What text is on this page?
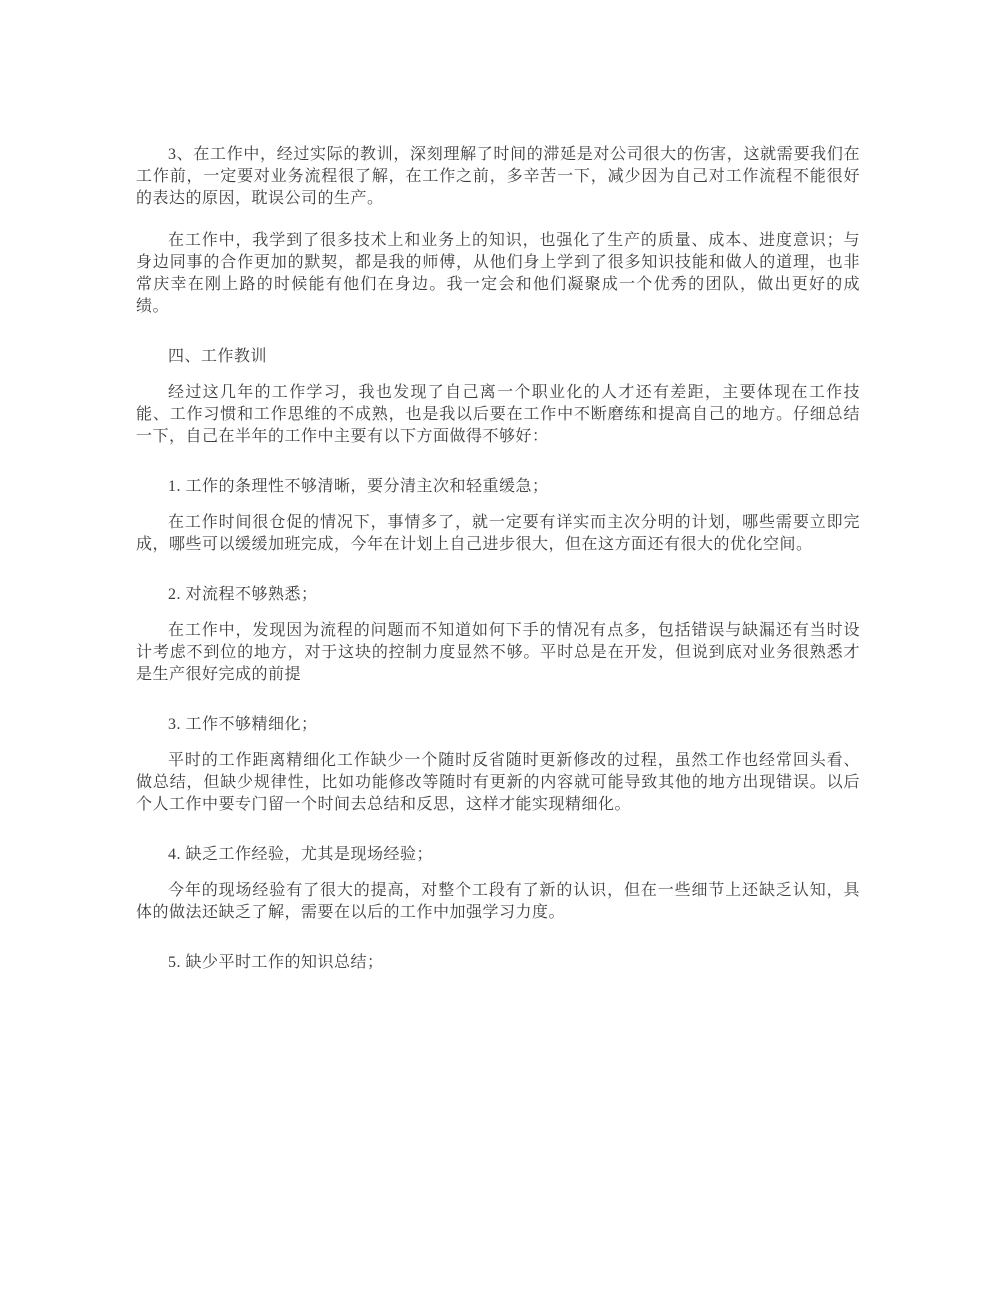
3、在工作中，经过实际的教训，深刻理解了时间的滞延是对公司很大的伤害，这就需要我们在工作前，一定要对业务流程很了解，在工作之前，多辛苦一下，减少因为自己对工作流程不能很好的表达的原因，耽误公司的生产。
在工作中，我学到了很多技术上和业务上的知识，也强化了生产的质量、成本、进度意识；与身边同事的合作更加的默契，都是我的师傅，从他们身上学到了很多知识技能和做人的道理，也非常庆幸在刚上路的时候能有他们在身边。我一定会和他们凝聚成一个优秀的团队，做出更好的成绩。
四、工作教训
经过这几年的工作学习，我也发现了自己离一个职业化的人才还有差距，主要体现在工作技能、工作习惯和工作思维的不成熟，也是我以后要在工作中不断磨练和提高自己的地方。仔细总结一下，自己在半年的工作中主要有以下方面做得不够好：
1. 工作的条理性不够清晰，要分清主次和轻重缓急；
在工作时间很仓促的情况下，事情多了，就一定要有详实而主次分明的计划，哪些需要立即完成，哪些可以缓缓加班完成，今年在计划上自己进步很大，但在这方面还有很大的优化空间。
2. 对流程不够熟悉；
在工作中，发现因为流程的问题而不知道如何下手的情况有点多，包括错误与缺漏还有当时设计考虑不到位的地方，对于这块的控制力度显然不够。平时总是在开发，但说到底对业务很熟悉才是生产很好完成的前提
3. 工作不够精细化；
平时的工作距离精细化工作缺少一个随时反省随时更新修改的过程，虽然工作也经常回头看、做总结，但缺少规律性，比如功能修改等随时有更新的内容就可能导致其他的地方出现错误。以后个人工作中要专门留一个时间去总结和反思，这样才能实现精细化。
4. 缺乏工作经验，尤其是现场经验；
今年的现场经验有了很大的提高，对整个工段有了新的认识，但在一些细节上还缺乏认知，具体的做法还缺乏了解，需要在以后的工作中加强学习力度。
5. 缺少平时工作的知识总结；
